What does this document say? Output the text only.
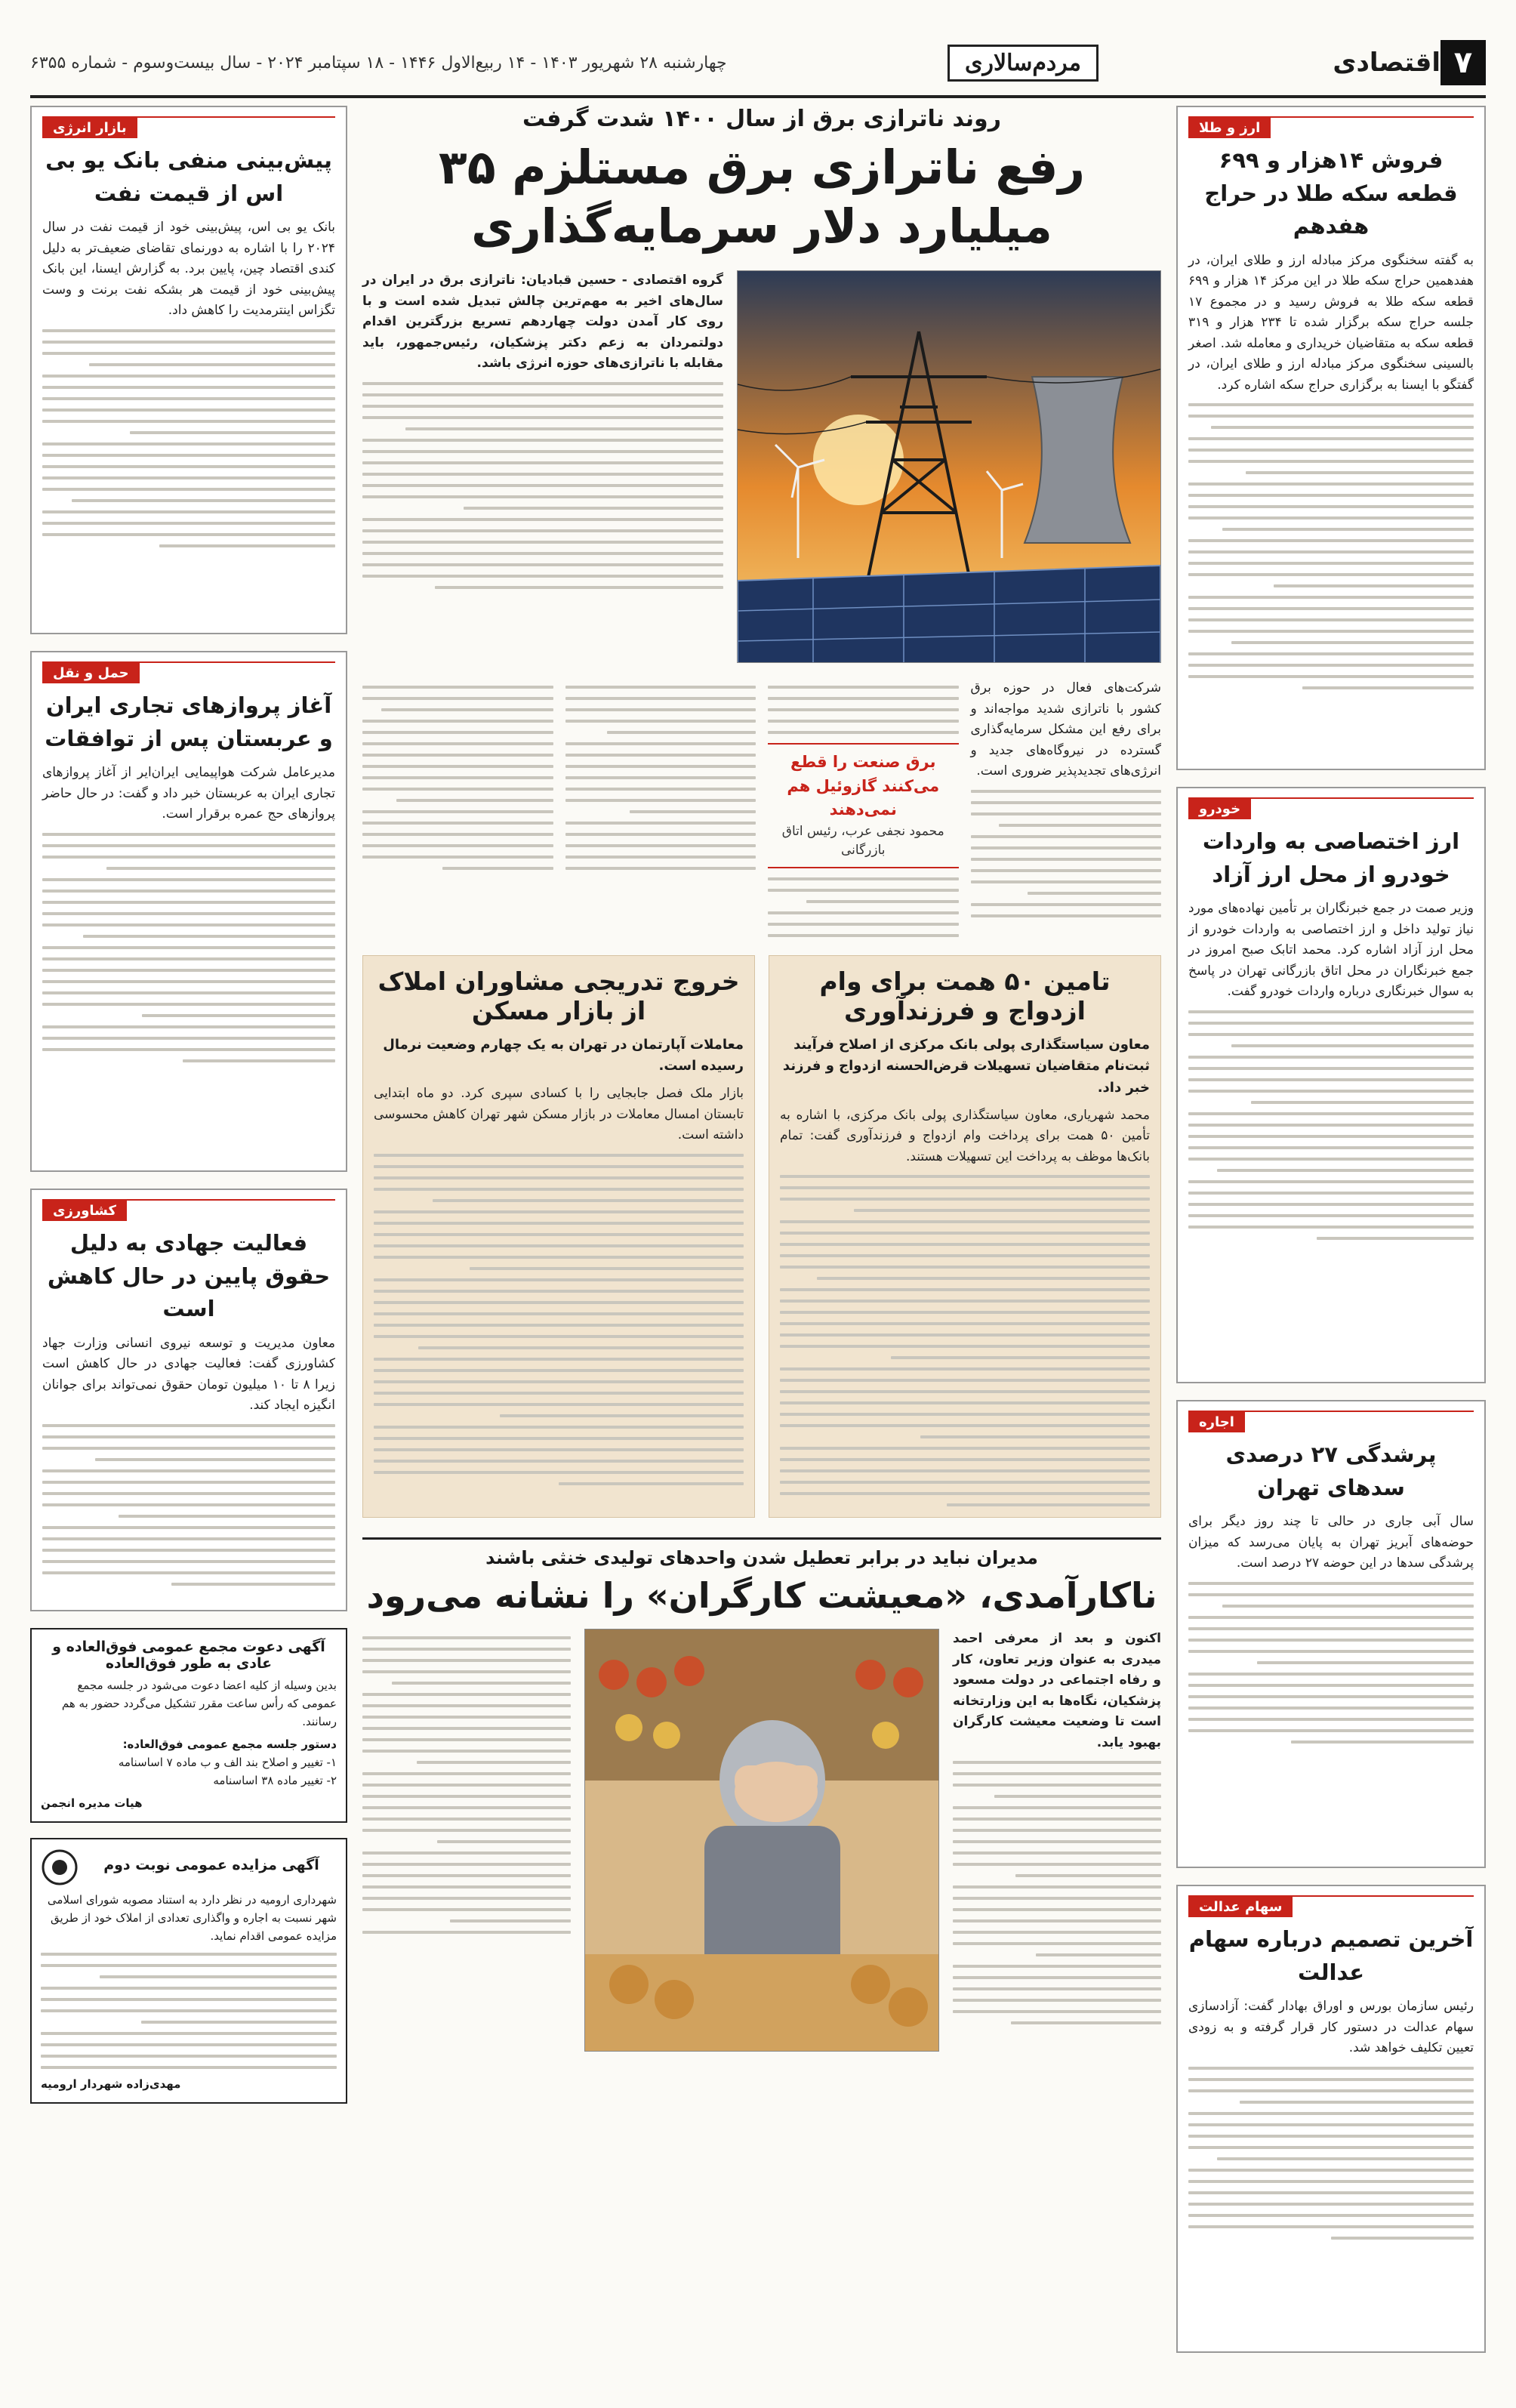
۷
اقتصادی
مردم‌سالاری
چهارشنبه ۲۸ شهریور ۱۴۰۳ - ۱۴ ربیع‌الاول ۱۴۴۶ - ۱۸ سپتامبر ۲۰۲۴ - سال بیست‌وسوم - شماره ۶۳۵۵
ارز و طلا
فروش ۱۴هزار و ۶۹۹ قطعه سکه طلا در حراج هفدهم

به گفته سخنگوی مرکز مبادله ارز و طلای ایران، در هفدهمین حراج سکه طلا در این مرکز ۱۴ هزار و ۶۹۹ قطعه سکه طلا به فروش رسید و در مجموع ۱۷ جلسه حراج سکه برگزار شده تا ۲۳۴ هزار و ۳۱۹ قطعه سکه به متقاضیان خریداری و معامله شد. اصغر بالسینی سخنگوی مرکز مبادله ارز و طلای ایران، در گفتگو با ایسنا به برگزاری حراج سکه اشاره کرد.

خودرو
ارز اختصاصی به واردات خودرو از محل ارز آزاد

وزیر صمت در جمع خبرنگاران بر تأمین نهاده‌های مورد نیاز تولید داخل و ارز اختصاصی به واردات خودرو از محل ارز آزاد اشاره کرد. محمد اتابک صبح امروز در جمع خبرنگاران در محل اتاق بازرگانی تهران در پاسخ به سوال خبرنگاری درباره واردات خودرو گفت.

اجاره
پرشدگی ۲۷ درصدی سدهای تهران

سال آبی جاری در حالی تا چند روز دیگر برای حوضه‌های آبریز تهران به پایان می‌رسد که میزان پرشدگی سدها در این حوضه ۲۷ درصد است.

سهام عدالت
آخرین تصمیم درباره سهام عدالت

رئیس سازمان بورس و اوراق بهادار گفت: آزادسازی سهام عدالت در دستور کار قرار گرفته و به زودی تعیین تکلیف خواهد شد.

روند ناترازی برق از سال ۱۴۰۰ شدت گرفت
رفع ناترازی برق مستلزم ۳۵ میلیارد دلار سرمایه‌گذاری

گروه اقتصادی - حسین قبادیان: ناترازی برق در ایران در سال‌های اخیر به مهم‌ترین چالش تبدیل شده است و با روی کار آمدن دولت چهاردهم تسریع بزرگترین اقدام دولتمردان به زعم دکتر پزشکیان، رئیس‌جمهور، باید مقابله با ناترازی‌های حوزه انرژی باشد.

شرکت‌های فعال در حوزه برق کشور با ناترازی شدید مواجه‌اند و برای رفع این مشکل سرمایه‌گذاری گسترده در نیروگاه‌های جدید و انرژی‌های تجدیدپذیر ضروری است.

برق صنعت را قطع می‌کنند گازوئیل هم نمی‌دهند
محمود نجفی عرب، رئیس اتاق بازرگانی
تامین ۵۰ همت برای وام ازدواج و فرزندآوری

معاون سیاستگذاری پولی بانک مرکزی از اصلاح فرآیند ثبت‌نام متقاضیان تسهیلات قرض‌الحسنه ازدواج و فرزند خبر داد.

محمد شهریاری، معاون سیاستگذاری پولی بانک مرکزی، با اشاره به تأمین ۵۰ همت برای پرداخت وام ازدواج و فرزندآوری گفت: تمام بانک‌ها موظف به پرداخت این تسهیلات هستند.

خروج تدریجی مشاوران املاک از بازار مسکن

معاملات آپارتمان در تهران به یک چهارم وضعیت نرمال رسیده است.

بازار ملک فصل جابجایی را با کسادی سپری کرد. دو ماه ابتدایی تابستان امسال معاملات در بازار مسکن شهر تهران کاهش محسوسی داشته است.

مدیران نباید در برابر تعطیل شدن واحدهای تولیدی خنثی باشند
ناکارآمدی، «معیشت کارگران» را نشانه می‌رود

اکنون و بعد از معرفی احمد میدری به عنوان وزیر تعاون، کار و رفاه اجتماعی در دولت مسعود پزشکیان، نگاه‌ها به این وزارتخانه است تا وضعیت معیشت کارگران بهبود یابد.

بازار انرژی
پیش‌بینی منفی بانک یو بی اس از قیمت نفت

بانک یو بی اس، پیش‌بینی خود از قیمت نفت در سال ۲۰۲۴ را با اشاره به دورنمای تقاضای ضعیف‌تر به دلیل کندی اقتصاد چین، پایین برد. به گزارش ایسنا، این بانک پیش‌بینی خود از قیمت هر بشکه نفت برنت و وست تگزاس اینترمدیت را کاهش داد.

حمل و نقل
آغاز پروازهای تجاری ایران و عربستان پس از توافقات

مدیرعامل شرکت هواپیمایی ایران‌ایر از آغاز پروازهای تجاری ایران به عربستان خبر داد و گفت: در حال حاضر پروازهای حج عمره برقرار است.

کشاورزی
فعالیت جهادی به دلیل حقوق پایین در حال کاهش است

معاون مدیریت و توسعه نیروی انسانی وزارت جهاد کشاورزی گفت: فعالیت جهادی در حال کاهش است زیرا ۸ تا ۱۰ میلیون تومان حقوق نمی‌تواند برای جوانان انگیزه ایجاد کند.

آگهی دعوت مجمع عمومی فوق‌العاده و عادی به طور فوق‌العاده

بدین وسیله از کلیه اعضا دعوت می‌شود در جلسه مجمع عمومی که رأس ساعت مقرر تشکیل می‌گردد حضور به هم رسانند.

دستور جلسه مجمع عمومی فوق‌العاده:

۱- تغییر و اصلاح بند الف و ب ماده ۷ اساسنامه

۲- تغییر ماده ۳۸ اساسنامه

هیات مدیره انجمن

آگهی مزایده عمومی نوبت دوم

شهرداری ارومیه در نظر دارد به استناد مصوبه شورای اسلامی شهر نسبت به اجاره و واگذاری تعدادی از املاک خود از طریق مزایده عمومی اقدام نماید.

مهدی‌زاده شهردار ارومیه
